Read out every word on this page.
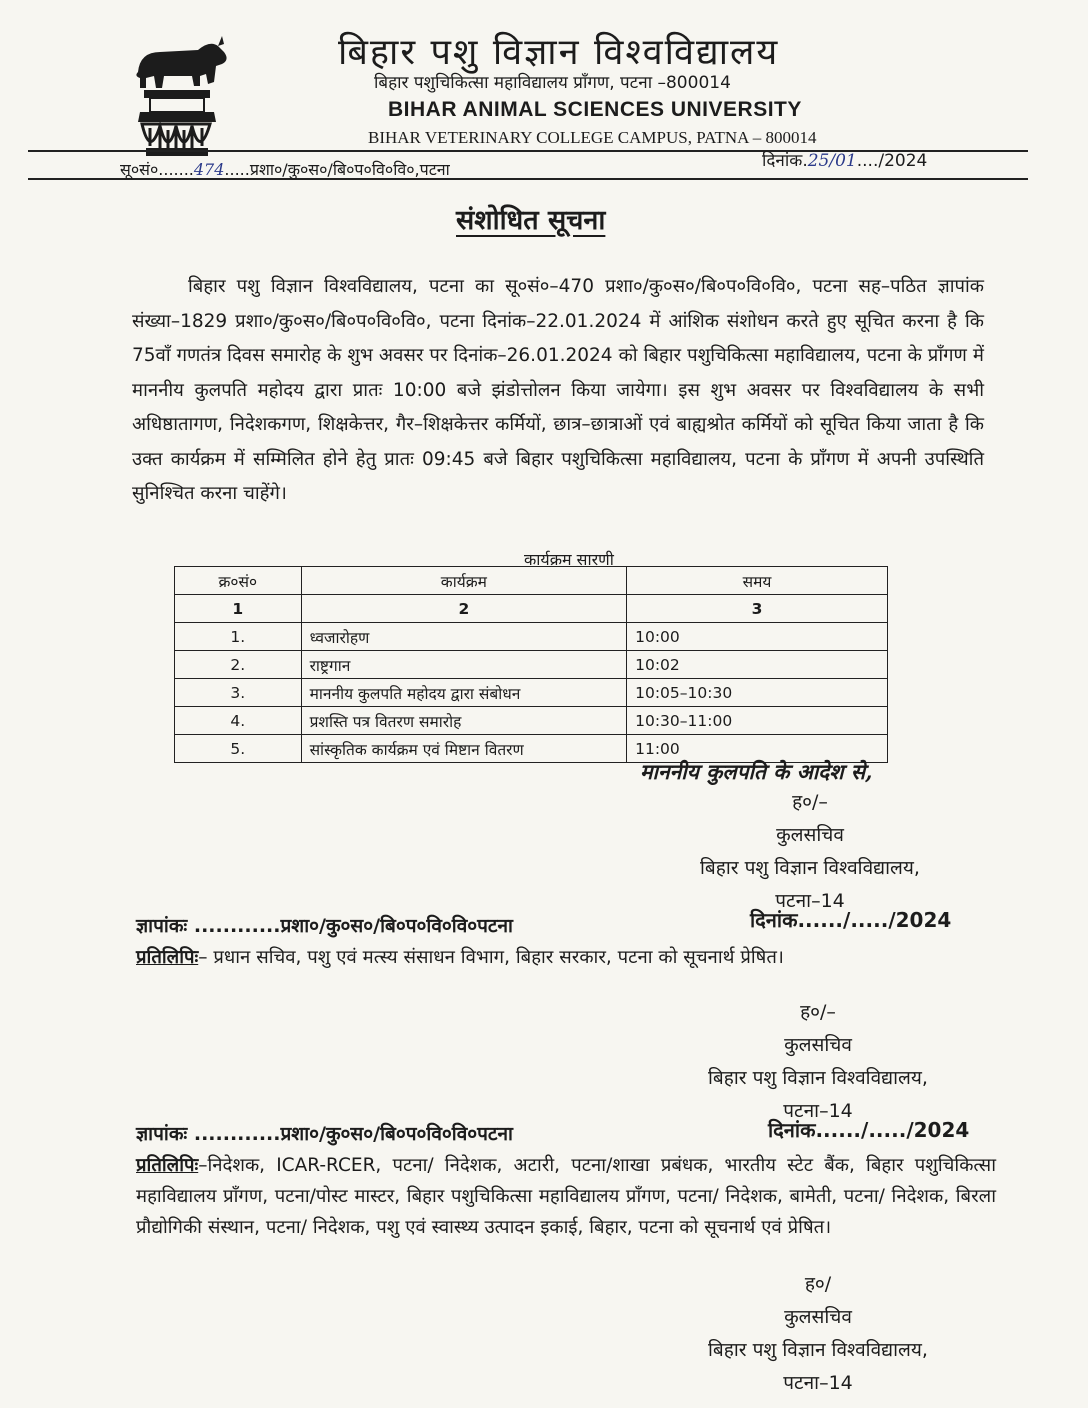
बिहार पशु विज्ञान विश्वविद्यालय
बिहार पशुचिकित्सा महाविद्यालय प्राँगण, पटना –800014
BIHAR ANIMAL SCIENCES UNIVERSITY
BIHAR VETERINARY COLLEGE CAMPUS, PATNA – 800014
सू०सं०.......474.....प्रशा०/कु०स०/बि०प०वि०वि०,पटना	दिनांक.25/01..../2024
संशोधित सूचना
बिहार पशु विज्ञान विश्वविद्यालय, पटना का सू०सं०–470 प्रशा०/कु०स०/बि०प०वि०वि०, पटना सह–पठित ज्ञापांक संख्या–1829 प्रशा०/कु०स०/बि०प०वि०वि०, पटना दिनांक–22.01.2024 में आंशिक संशोधन करते हुए सूचित करना है कि 75वाँ गणतंत्र दिवस समारोह के शुभ अवसर पर दिनांक–26.01.2024 को बिहार पशुचिकित्सा महाविद्यालय, पटना के प्राँगण में माननीय कुलपति महोदय द्वारा प्रातः 10:00 बजे झंडोत्तोलन किया जायेगा। इस शुभ अवसर पर विश्वविद्यालय के सभी अधिष्ठातागण, निदेशकगण, शिक्षकेत्तर, गैर–शिक्षकेत्तर कर्मियों, छात्र–छात्राओं एवं बाह्यश्रोत कर्मियों को सूचित किया जाता है कि उक्त कार्यक्रम में सम्मिलित होने हेतु प्रातः 09:45 बजे बिहार पशुचिकित्सा महाविद्यालय, पटना के प्राँगण में अपनी उपस्थिति सुनिश्चित करना चाहेंगे।
कार्यक्रम सारणी
क्र०सं०	कार्यक्रम	समय
1	2	3
1.	ध्वजारोहण	10:00
2.	राष्ट्रगान	10:02
3.	माननीय कुलपति महोदय द्वारा संबोधन	10:05–10:30
4.	प्रशस्ति पत्र वितरण समारोह	10:30–11:00
5.	सांस्कृतिक कार्यक्रम एवं मिष्टान वितरण	11:00
माननीय कुलपति के आदेश से,
ह०/–
कुलसचिव
बिहार पशु विज्ञान विश्वविद्यालय,
पटना–14
ज्ञापांकः ............प्रशा०/कु०स०/बि०प०वि०वि०पटना	दिनांक....../...../2024
प्रतिलिपिः– प्रधान सचिव, पशु एवं मत्स्य संसाधन विभाग, बिहार सरकार, पटना को सूचनार्थ प्रेषित।
ह०/–
कुलसचिव
बिहार पशु विज्ञान विश्वविद्यालय,
पटना–14
ज्ञापांकः ............प्रशा०/कु०स०/बि०प०वि०वि०पटना	दिनांक....../...../2024
प्रतिलिपिः–निदेशक, ICAR-RCER, पटना/ निदेशक, अटारी, पटना/शाखा प्रबंधक, भारतीय स्टेट बैंक, बिहार पशुचिकित्सा महाविद्यालय प्राँगण, पटना/पोस्ट मास्टर, बिहार पशुचिकित्सा महाविद्यालय प्राँगण, पटना/ निदेशक, बामेती, पटना/ निदेशक, बिरला प्रौद्योगिकी संस्थान, पटना/ निदेशक, पशु एवं स्वास्थ्य उत्पादन इकाई, बिहार, पटना को सूचनार्थ एवं प्रेषित।
ह०/
कुलसचिव
बिहार पशु विज्ञान विश्वविद्यालय,
पटना–14
